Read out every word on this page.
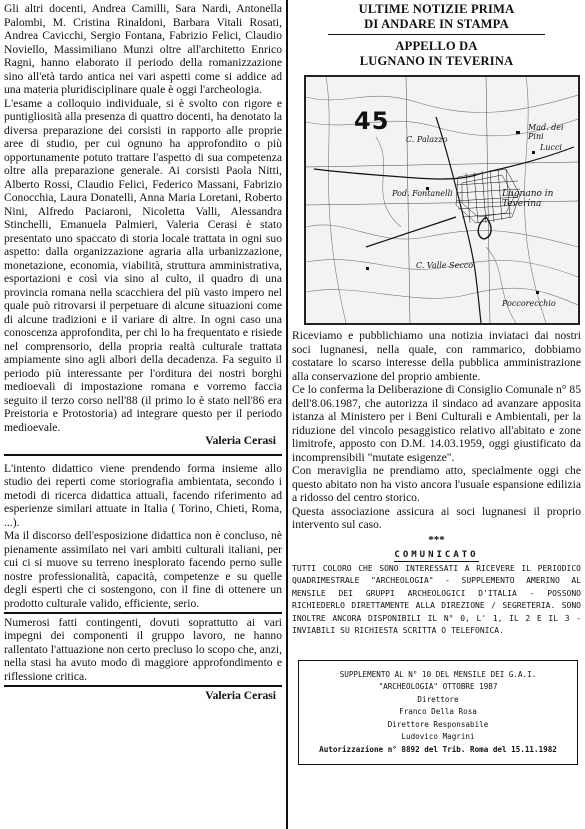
Gli altri docenti, Andrea Camilli, Sara Nardi, Antonella Palombi, M. Cristina Rinaldoni, Barbara Vitali Rosati, Andrea Cavicchi, Sergio Fontana, Fabrizio Felici, Claudio Noviello, Massimiliano Munzi oltre all'architetto Enrico Ragni, hanno elaborato il periodo della romanizzazione sino all'età tardo antica nei vari aspetti come si addice ad una materia pluridisciplinare quale è oggi l'archeologia.

L'esame a colloquio individuale, si è svolto con rigore e puntigliosità alla presenza di quattro docenti, ha denotato la diversa preparazione dei corsisti in rapporto alle proprie aree di studio, per cui ognuno ha approfondito o più opportunamente potuto trattare l'aspetto di sua competenza oltre alla preparazione generale. Ai corsisti Paola Nitti, Alberto Rossi, Claudio Felici, Federico Massani, Fabrizio Conocchia, Laura Donatelli, Anna Maria Loretani, Roberto Nini, Alfredo Paciaroni, Nicoletta Valli, Alessandra Stinchelli, Emanuela Palmieri, Valeria Cerasi è stato presentato uno spaccato di storia locale trattata in ogni suo aspetto: dalla organizzazione agraria alla urbanizzazione, monetazione, economia, viabilità, struttura amministrativa, esportazioni e così via sino al culto, il quadro di una provincia romana nella scacchiera del più vasto impero nel quale può ritrovarsi il perpetuare di alcune situazioni come di alcune tradizioni e il variare di altre. In ogni caso una conoscenza approfondita, per chi lo ha frequentato e risiede nel comprensorio, della propria realtà culturale trattata ampiamente sino agli albori della decadenza. Fa seguito il periodo più interessante per l'orditura dei nostri borghi medioevali di impostazione romana e vorremo faccia seguito il terzo corso nell'88 (il primo lo è stato nell'86 era Preistoria e Protostoria) ad integrare questo per il periodo medioevale.

Valeria Cerasi

L'intento didattico viene prendendo forma insieme allo studio dei reperti come storiografia ambientata, secondo i metodi di ricerca didattica attuali, facendo riferimento ad esperienze similari attuate in Italia ( Torino, Chieti, Roma, ...).

Ma il discorso dell'esposizione didattica non è concluso, nè pienamente assimilato nei vari ambiti culturali italiani, per cui ci si muove su terreno inesplorato facendo perno sulle nostre professionalità, capacità, competenze e su quelle degli esperti che ci sostengono, con il fine di ottenere un prodotto culturale valido, efficiente, serio.

Numerosi fatti contingenti, dovuti soprattutto ai vari impegni dei componenti il gruppo lavoro, ne hanno rallentato l'attuazione non certo precluso lo scopo che, anzi, nella stasi ha avuto modo di maggiore approfondimento e riflessione critica.

Valeria Cerasi

ULTIME NOTIZIE PRIMA

DI ANDARE IN STAMPA

APPELLO DA

LUGNANO IN TEVERINA

45
Lugnano in Teverina
Pod. Fontanelli
C. Valle Secco
Poccorecchio
Mad. dei Pini
Lucci
C. Palazzo

Riceviamo e pubblichiamo una notizia inviataci dai nostri soci lugnanesi, nella quale, con rammarico, dobbiamo costatare lo scarso interesse della pubblica amministrazione alla conservazione del proprio ambiente.

Ce lo conferma la Deliberazione di Consiglio Comunale n° 85 dell'8.06.1987, che autorizza il sindaco ad avanzare apposita istanza al Ministero per i Beni Culturali e Ambientali, per la riduzione del vincolo pesaggistico relativo all'abitato e zone limitrofe, apposto con D.M. 14.03.1959, oggi giustificato da incomprensibili "mutate esigenze".

Con meraviglia ne prendiamo atto, specialmente oggi che questo abitato non ha visto ancora l'usuale espansione edilizia a ridosso del centro storico.

Questa associazione assicura ai soci lugnanesi il proprio intervento sul caso.

***

COMUNICATO

TUTTI COLORO CHE SONO INTERESSATI A RICEVERE IL PERIODICO QUADRIMESTRALE "ARCHEOLOGIA" - SUPPLEMENTO AMERINO AL MENSILE DEI GRUPPI ARCHEOLOGICI D'ITALIA - POSSONO RICHIEDERLO DIRETTAMENTE ALLA DIREZIONE / SEGRETERIA. SONO INOLTRE ANCORA DISPONIBILI IL N° 0, L' 1, IL 2 E IL 3 - INVIABILI SU RICHIESTA SCRITTA O TELEFONICA.

SUPPLEMENTO AL N° 10 DEL MENSILE DEI G.A.I.

"ARCHEOLOGIA" OTTOBRE 1987

Direttore

Franco Della Rosa

Direttore Responsabile

Ludovico Magrini

Autorizzazione n° 8892 del Trib. Roma del 15.11.1982
